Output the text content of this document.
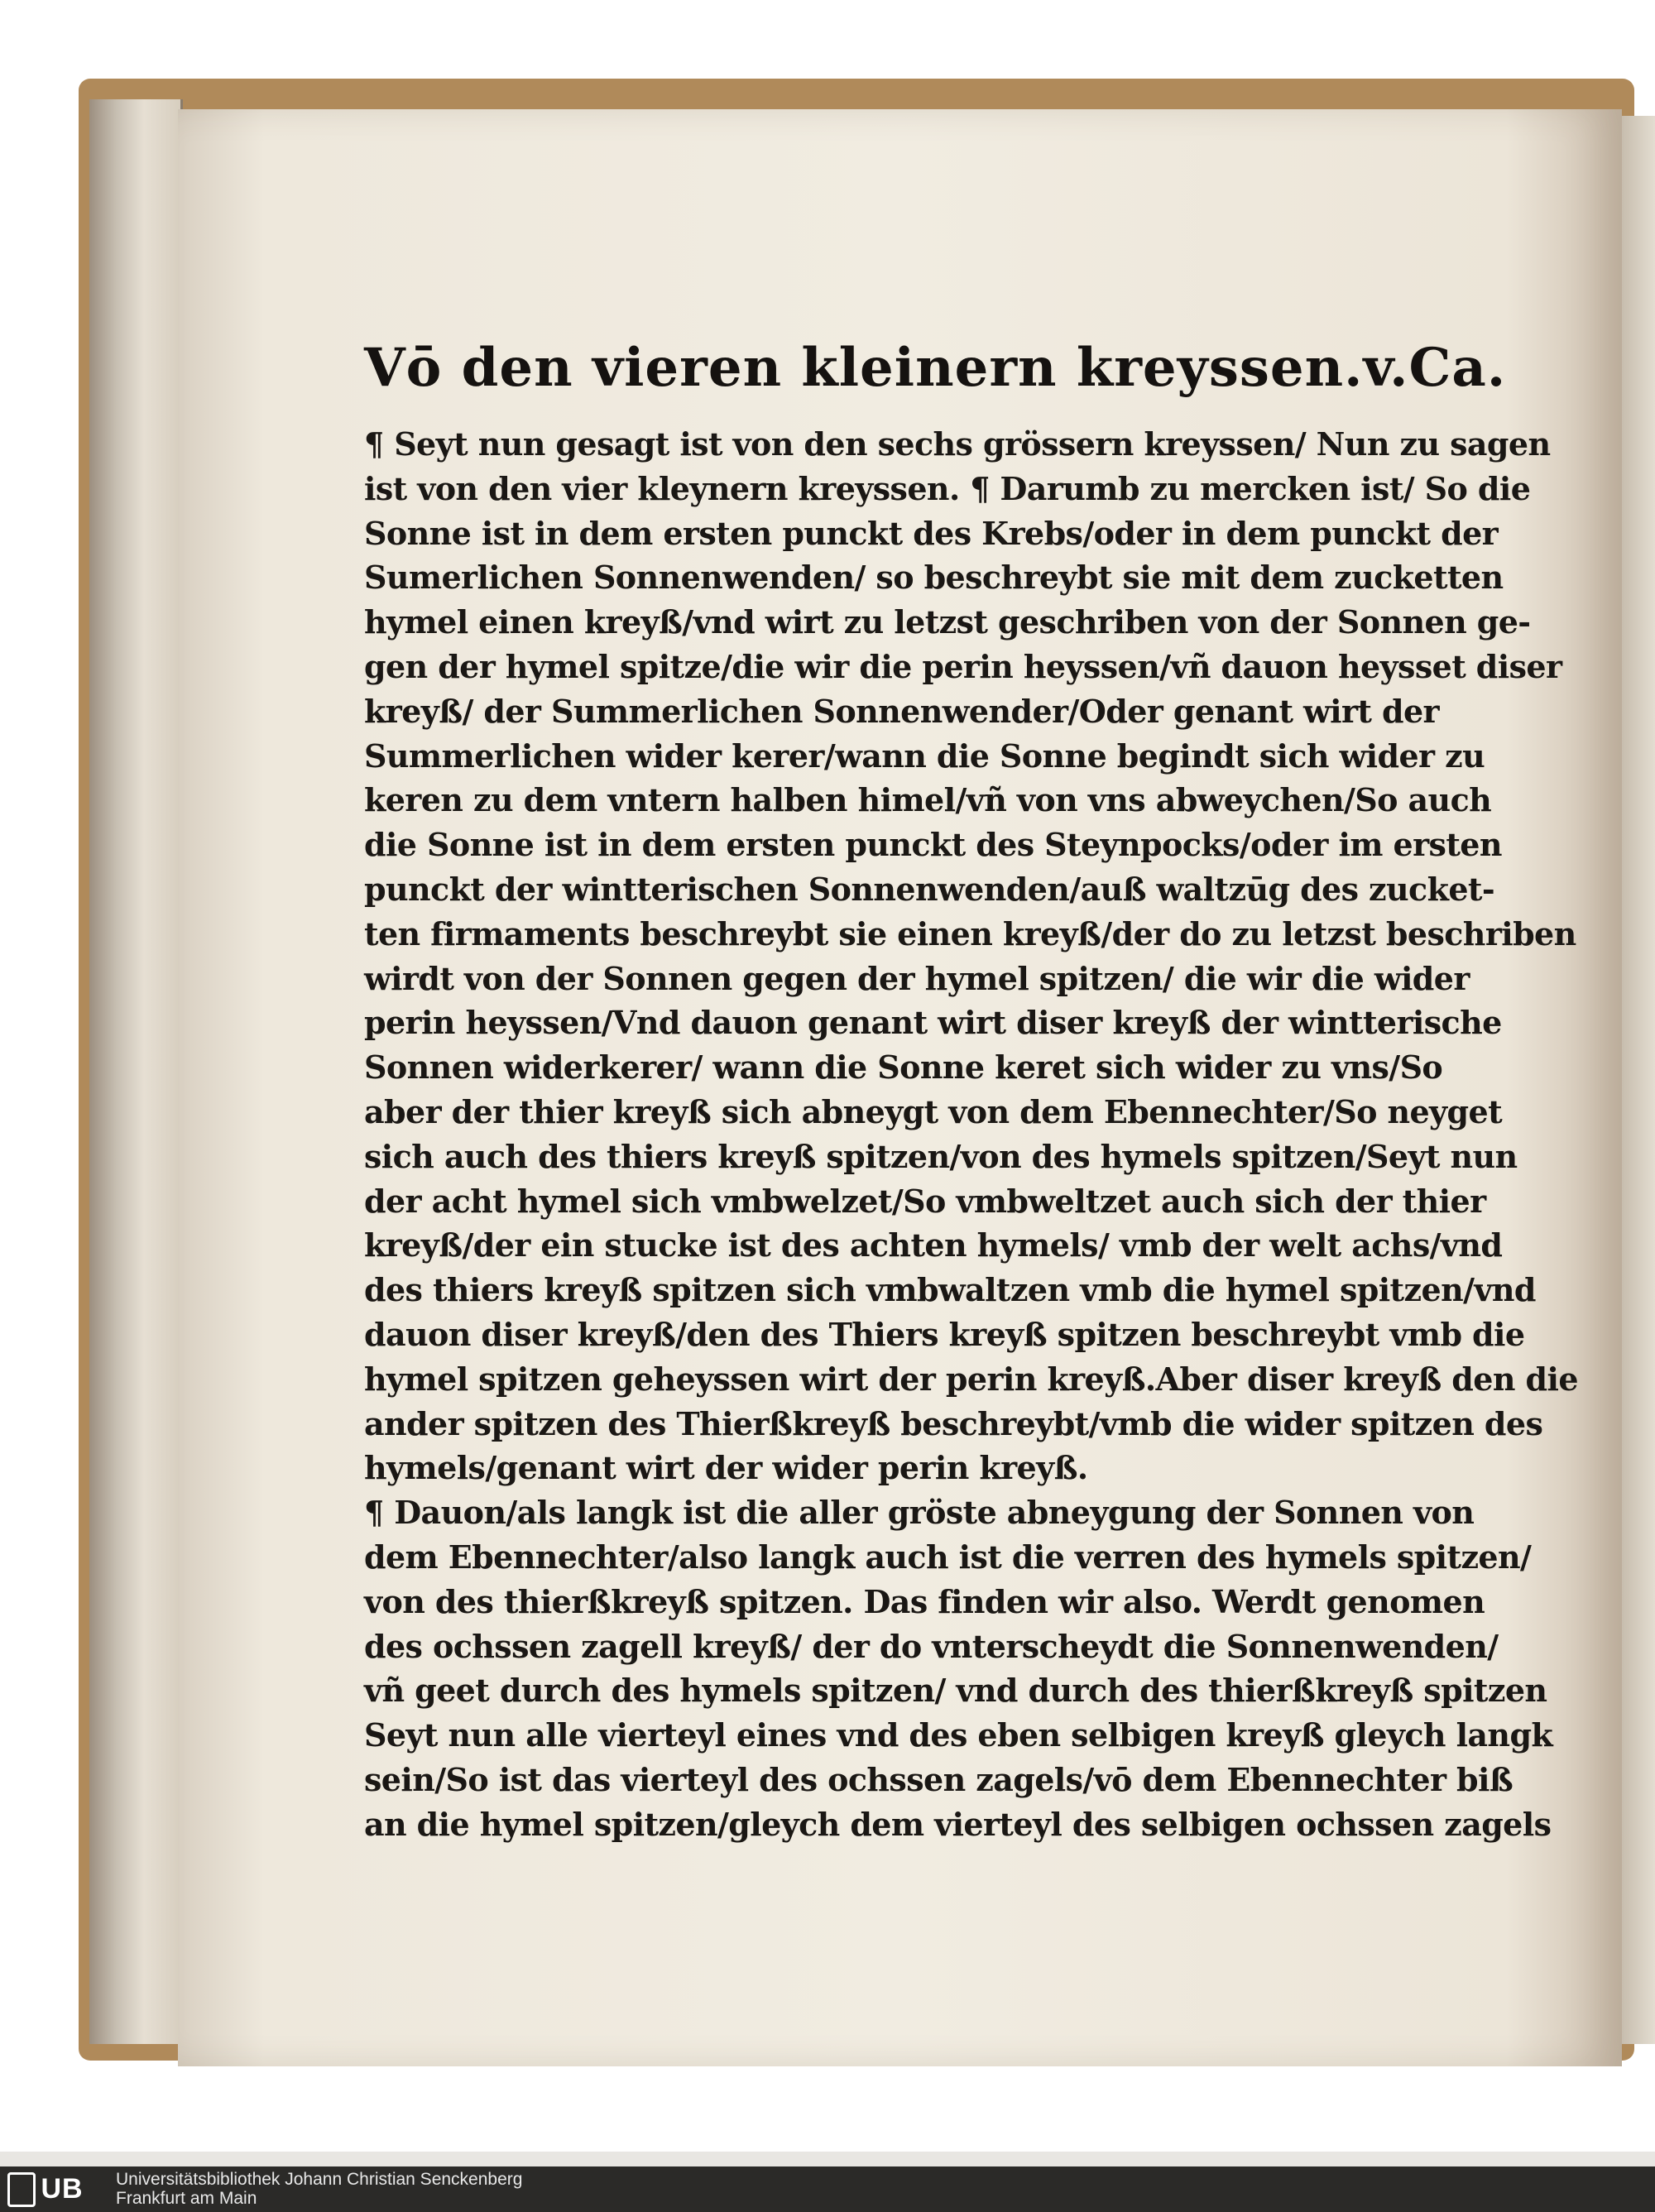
Vō den vieren kleinern kreyssen.v.Ca.
¶ Seyt nun gesagt ist von den sechs grössern kreyssen/ Nun zu sagen
ist von den vier kleynern kreyssen. ¶ Darumb zu mercken ist/ So die
Sonne ist in dem ersten punckt des Krebs/oder in dem punckt der
Sumerlichen Sonnenwenden/ so beschreybt sie mit dem zucketten
hymel einen kreyß/vnd wirt zu letzst geschriben von der Sonnen ge-
gen der hymel spitze/die wir die perin heyssen/vñ dauon heysset diser
kreyß/ der Summerlichen Sonnenwender/Oder genant wirt der
Summerlichen wider kerer/wann die Sonne begindt sich wider zu
keren zu dem vntern halben himel/vñ von vns abweychen/So auch
die Sonne ist in dem ersten punckt des Steynpocks/oder im ersten
punckt der wintterischen Sonnenwenden/auß waltzūg des zucket-
ten firmaments beschreybt sie einen kreyß/der do zu letzst beschriben
wirdt von der Sonnen gegen der hymel spitzen/ die wir die wider
perin heyssen/Vnd dauon genant wirt diser kreyß der wintterische
Sonnen widerkerer/ wann die Sonne keret sich wider zu vns/So
aber der thier kreyß sich abneygt von dem Ebennechter/So neyget
sich auch des thiers kreyß spitzen/von des hymels spitzen/Seyt nun
der acht hymel sich vmbwelzet/So vmbweltzet auch sich der thier
kreyß/der ein stucke ist des achten hymels/ vmb der welt achs/vnd
des thiers kreyß spitzen sich vmbwaltzen vmb die hymel spitzen/vnd
dauon diser kreyß/den des Thiers kreyß spitzen beschreybt vmb die
hymel spitzen geheyssen wirt der perin kreyß.Aber diser kreyß den die
ander spitzen des Thierßkreyß beschreybt/vmb die wider spitzen des
hymels/genant wirt der wider perin kreyß.
¶ Dauon/als langk ist die aller gröste abneygung der Sonnen von
dem Ebennechter/also langk auch ist die verren des hymels spitzen/
von des thierßkreyß spitzen. Das finden wir also. Werdt genomen
des ochssen zagell kreyß/ der do vnterscheydt die Sonnenwenden/
vñ geet durch des hymels spitzen/ vnd durch des thierßkreyß spitzen
Seyt nun alle vierteyl eines vnd des eben selbigen kreyß gleych langk
sein/So ist das vierteyl des ochssen zagels/vō dem Ebennechter biß
an die hymel spitzen/gleych dem vierteyl des selbigen ochssen zagels
UB Universitätsbibliothek Johann Christian Senckenberg
Frankfurt am Main
